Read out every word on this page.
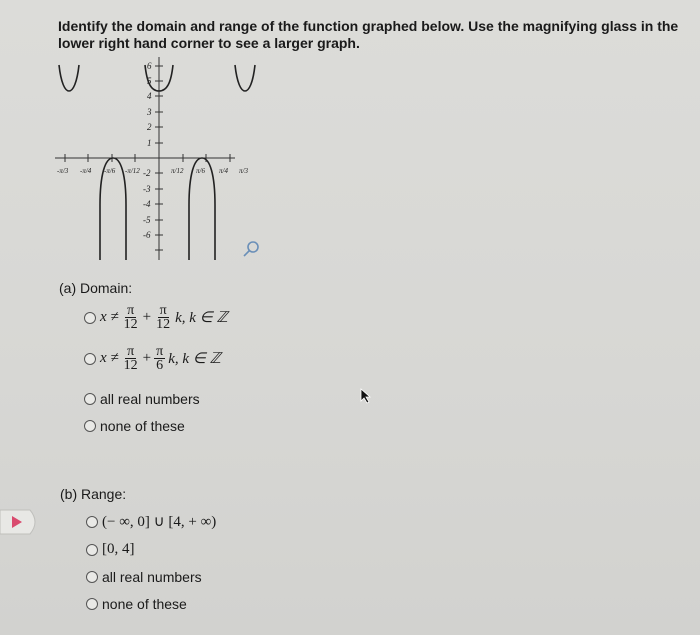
Identify the domain and range of the function graphed below. Use the magnifying glass in the lower right hand corner to see a larger graph.
6
5
4
3
2
1
-2
-3
-4
-5
-6
-π/3 -π/4 -π/6 -π/12	π/12 π/6 π/4 π/3
(a) Domain:
$x \ne \frac{\pi}{12} + \frac{\pi}{12} k$, k ∈ ℤ
$x \ne \frac{\pi}{12} + \frac{\pi}{6} k$, k ∈ ℤ
all real numbers
none of these
(b) Range:
(− ∞, 0] ∪ [4, + ∞)
[0, 4]
all real numbers
none of these
